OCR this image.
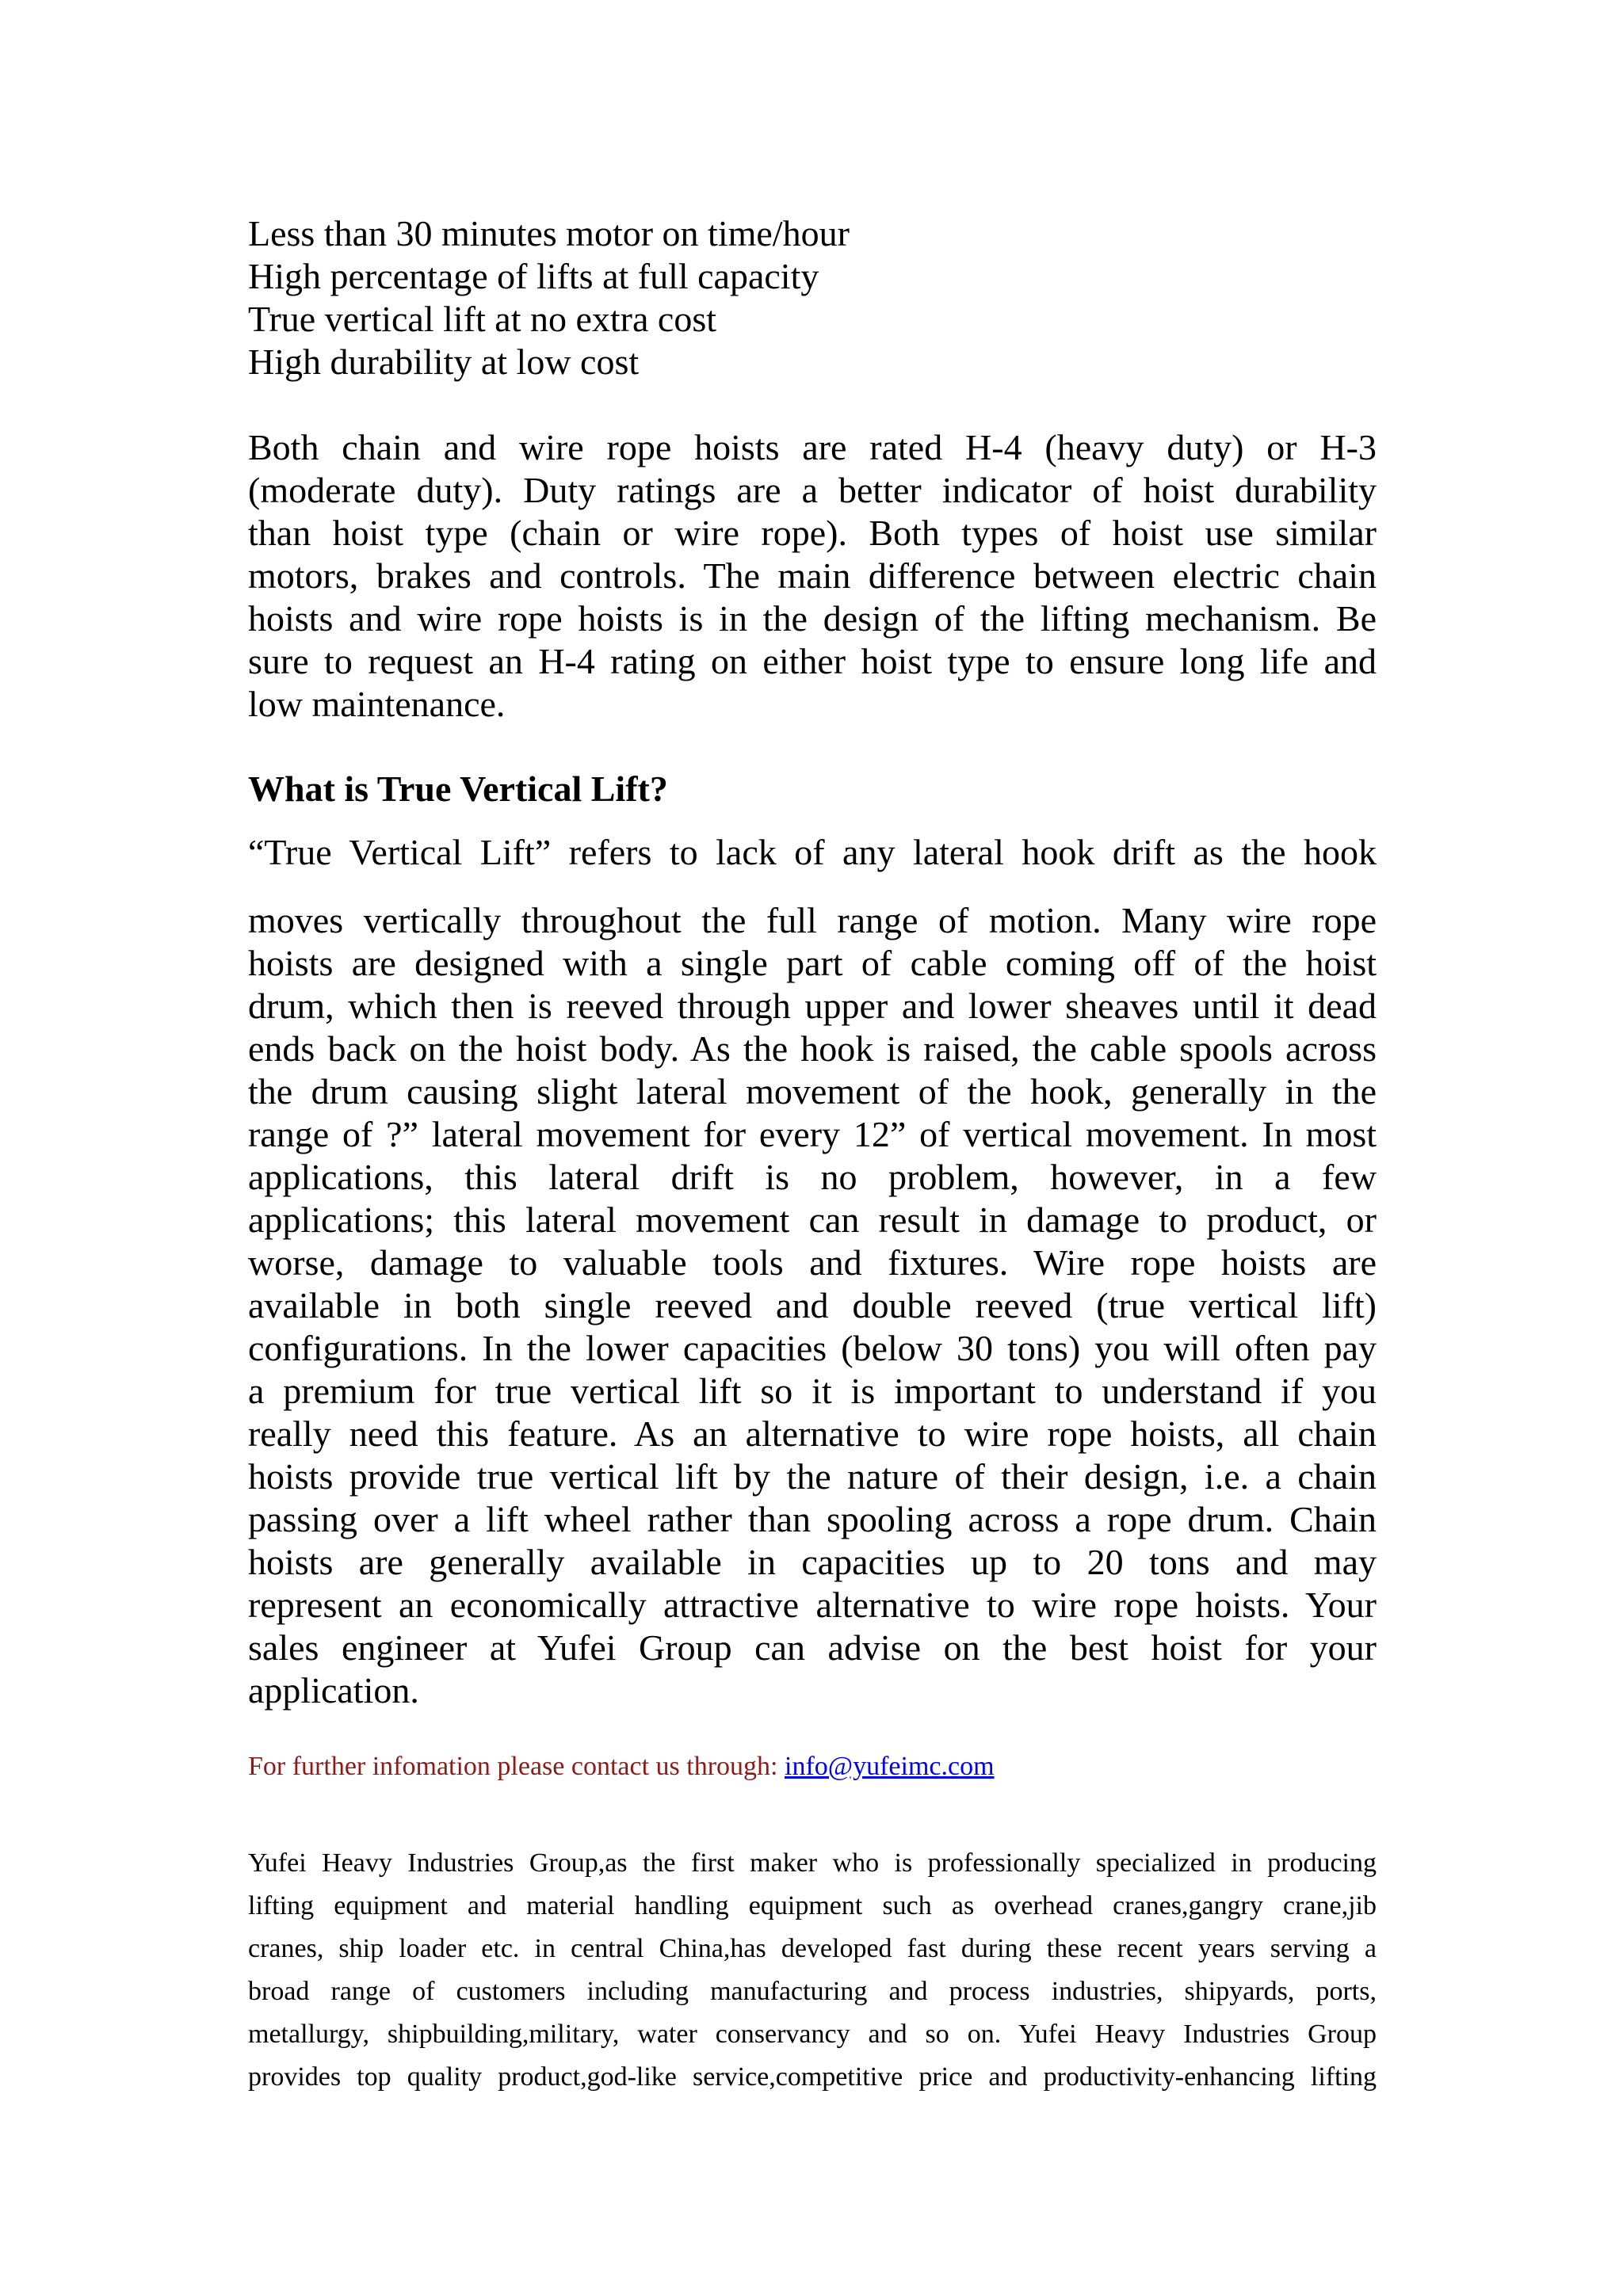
Less than 30 minutes motor on time/hour
High percentage of lifts at full capacity
True vertical lift at no extra cost
High durability at low cost
Both chain and wire rope hoists are rated H-4 (heavy duty) or H-3
(moderate duty). Duty ratings are a better indicator of hoist durability
than hoist type (chain or wire rope). Both types of hoist use similar
motors, brakes and controls. The main difference between electric chain
hoists and wire rope hoists is in the design of the lifting mechanism. Be
sure to request an H-4 rating on either hoist type to ensure long life and
low maintenance.
What is True Vertical Lift?
“True Vertical Lift” refers to lack of any lateral hook drift as the hook
moves vertically throughout the full range of motion. Many wire rope
hoists are designed with a single part of cable coming off of the hoist
drum, which then is reeved through upper and lower sheaves until it dead
ends back on the hoist body. As the hook is raised, the cable spools across
the drum causing slight lateral movement of the hook, generally in the
range of ?” lateral movement for every 12” of vertical movement. In most
applications, this lateral drift is no problem, however, in a few
applications; this lateral movement can result in damage to product, or
worse, damage to valuable tools and fixtures. Wire rope hoists are
available in both single reeved and double reeved (true vertical lift)
configurations. In the lower capacities (below 30 tons) you will often pay
a premium for true vertical lift so it is important to understand if you
really need this feature. As an alternative to wire rope hoists, all chain
hoists provide true vertical lift by the nature of their design, i.e. a chain
passing over a lift wheel rather than spooling across a rope drum. Chain
hoists are generally available in capacities up to 20 tons and may
represent an economically attractive alternative to wire rope hoists. Your
sales engineer at Yufei Group can advise on the best hoist for your
application.
For further infomation please contact us through: info@yufeimc.com
Yufei Heavy Industries Group,as the first maker who is professionally specialized in producing
lifting equipment and material handling equipment such as overhead cranes,gangry crane,jib
cranes, ship loader etc. in central China,has developed fast during these recent years serving a
broad range of customers including manufacturing and process industries, shipyards, ports,
metallurgy, shipbuilding,military, water conservancy and so on. Yufei Heavy Industries Group
provides top quality product,god-like service,competitive price and productivity-enhancing lifting
